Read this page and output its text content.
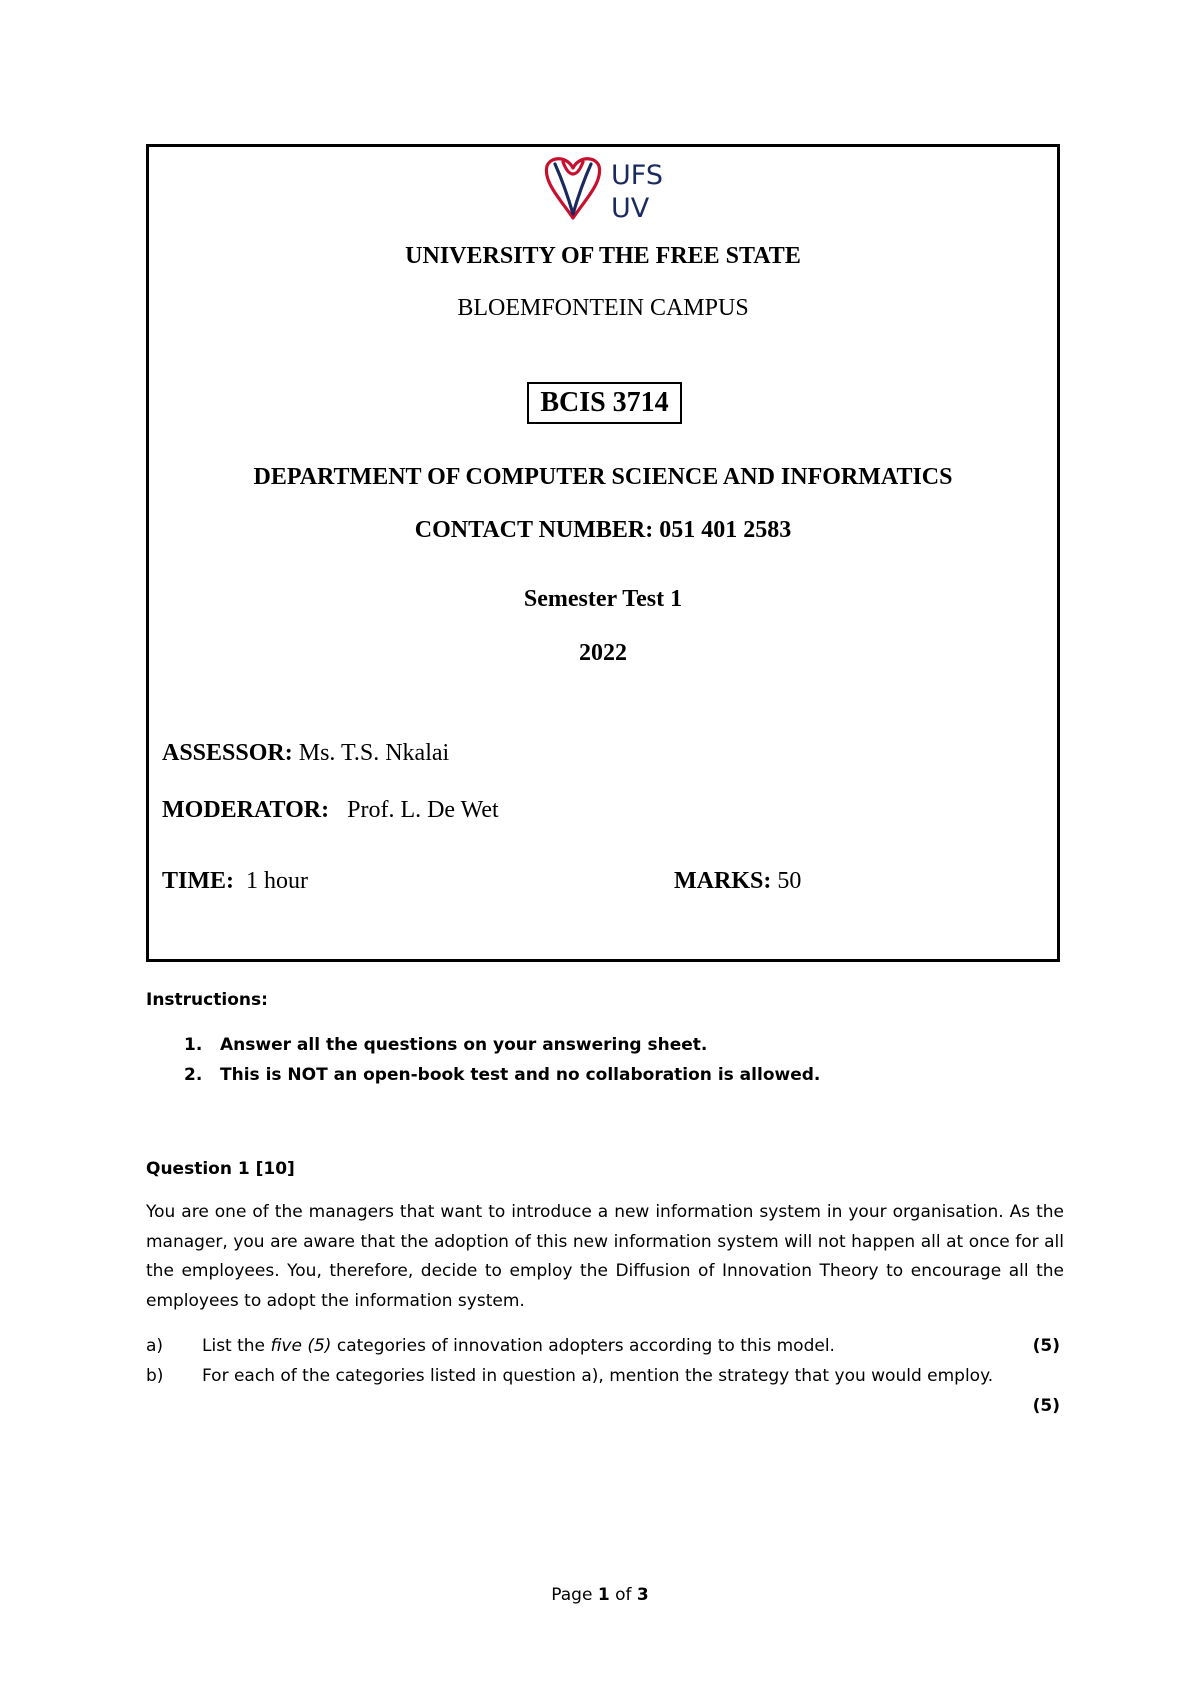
UFS
UV
UNIVERSITY OF THE FREE STATE
BLOEMFONTEIN CAMPUS
BCIS 3714
DEPARTMENT OF COMPUTER SCIENCE AND INFORMATICS
CONTACT NUMBER: 051 401 2583
Semester Test 1
2022
ASSESSOR: Ms. T.S. Nkalai
MODERATOR: Prof. L. De Wet
TIME: 1 hour	MARKS: 50
Instructions:
1. Answer all the questions on your answering sheet.
2. This is NOT an open-book test and no collaboration is allowed.
Question 1 [10]
You are one of the managers that want to introduce a new information system in your organisation. As the manager, you are aware that the adoption of this new information system will not happen all at once for all the employees. You, therefore, decide to employ the Diffusion of Innovation Theory to encourage all the employees to adopt the information system.
a) List the five (5) categories of innovation adopters according to this model.	(5)
b) For each of the categories listed in question a), mention the strategy that you would employ.
(5)
Page 1 of 3
